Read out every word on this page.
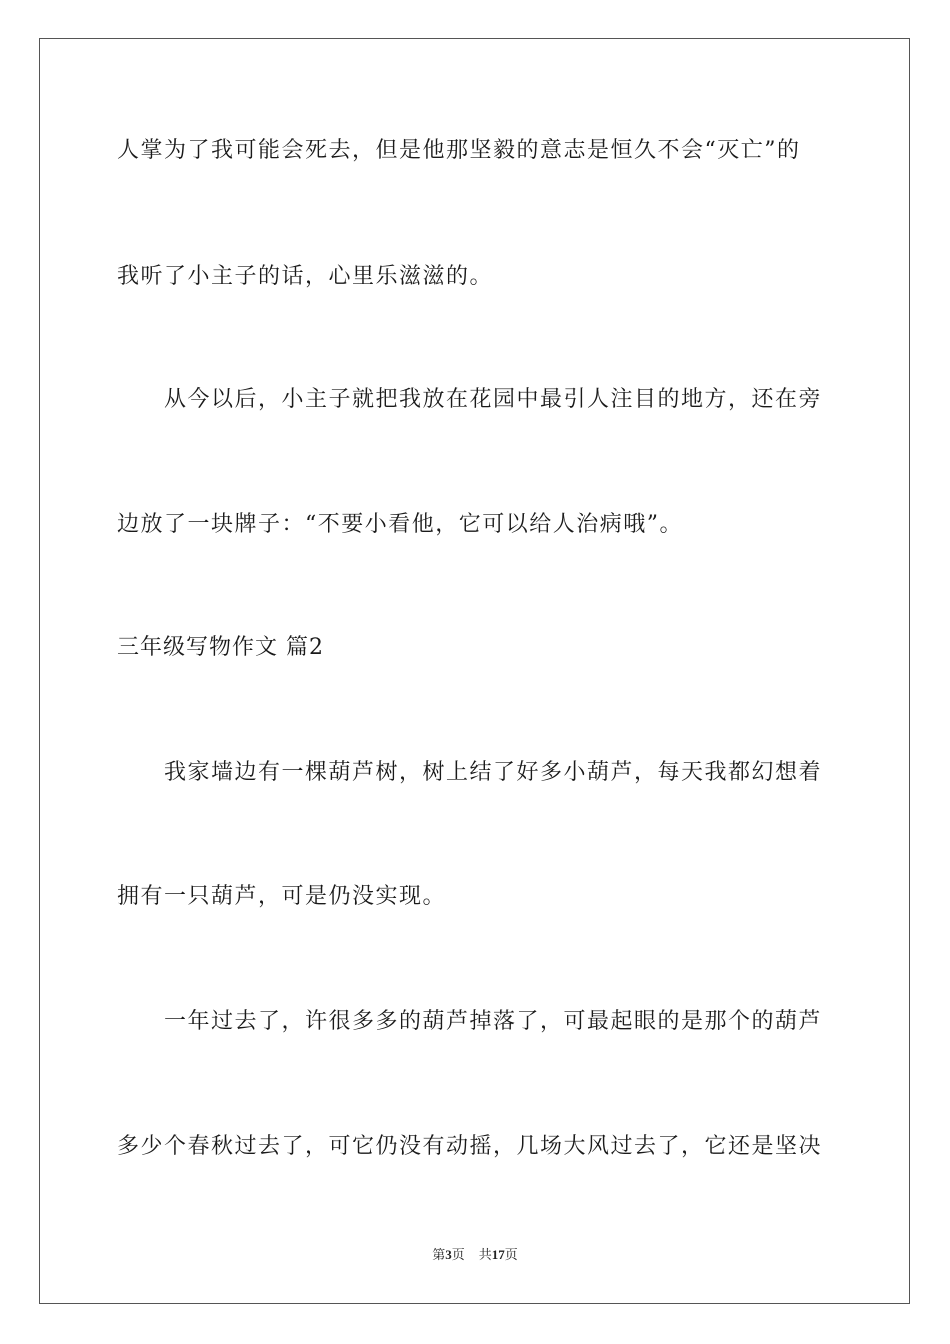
人掌为了我可能会死去，但是他那坚毅的意志是恒久不会“灭亡”的
我听了小主子的话，心里乐滋滋的。
从今以后，小主子就把我放在花园中最引人注目的地方，还在旁
边放了一块牌子：“不要小看他，它可以给人治病哦”。
三年级写物作文 篇2
我家墙边有一棵葫芦树，树上结了好多小葫芦，每天我都幻想着
拥有一只葫芦，可是仍没实现。
一年过去了，许很多多的葫芦掉落了，可最起眼的是那个的葫芦
多少个春秋过去了，可它仍没有动摇，几场大风过去了，它还是坚决
第3页 共17页
